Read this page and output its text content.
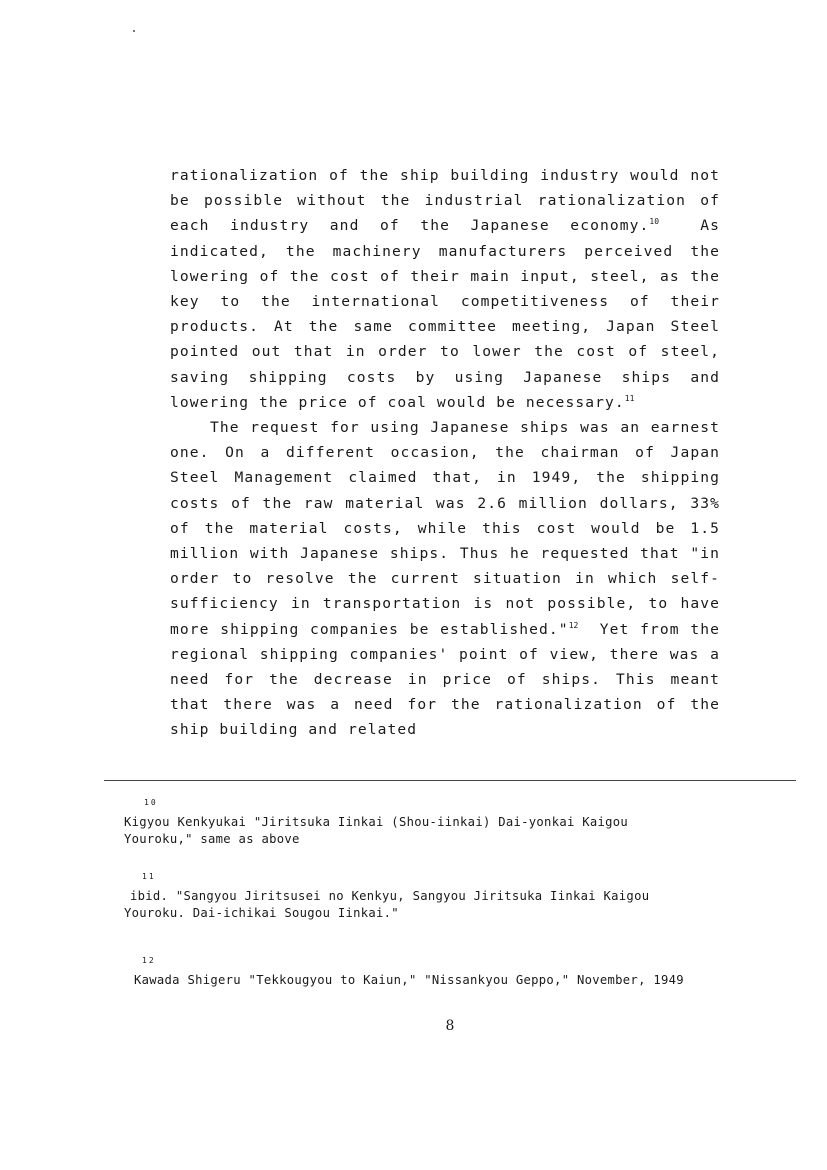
rationalization of the ship building industry would not be possible without the industrial rationalization of each industry and of the Japanese economy.$^{10}$	As indicated, the machinery manufacturers perceived the lowering of the cost of their main input, steel, as the key to the international competitiveness of their products. At the same committee meeting, Japan Steel pointed out that in order to lower the cost of steel, saving shipping costs by using Japanese ships and lowering the price of coal would be necessary.$^{11}$

The request for using Japanese ships was an earnest one. On a different occasion, the chairman of Japan Steel Management claimed that, in 1949, the shipping costs of the raw material was 2.6 million dollars, 33% of the material costs, while this cost would be 1.5 million with Japanese ships. Thus he requested that "in order to resolve the current situation in which self-sufficiency in transportation is not possible, to have more shipping companies be established."$^{12}$ Yet from the regional shipping companies' point of view, there was a need for the decrease in price of ships. This meant that there was a need for the rationalization of the ship building and related

10
Kigyou Kenkyukai "Jiritsuka Iinkai (Shou-iinkai) Dai-yonkai Kaigou
Youroku," same as above
11
ibid. "Sangyou Jiritsusei no Kenkyu, Sangyou Jiritsuka Iinkai Kaigou
Youroku. Dai-ichikai Sougou Iinkai."
12
Kawada Shigeru "Tekkougyou to Kaiun," "Nissankyou Geppo," November, 1949
8
